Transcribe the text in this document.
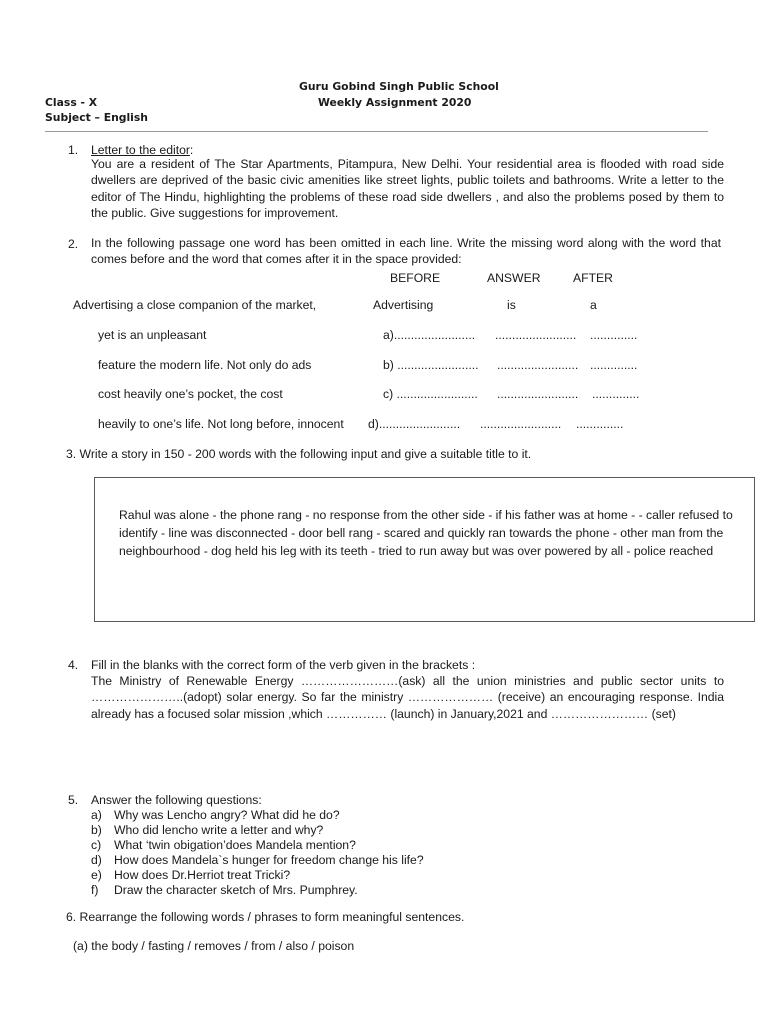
Guru Gobind Singh Public School
Weekly Assignment 2020
Class - X
Subject – English
1. Letter to the editor:
You are a resident of The Star Apartments, Pitampura, New Delhi. Your residential area is flooded with road side dwellers are deprived of the basic civic amenities like street lights, public toilets and bathrooms. Write a letter to the editor of The Hindu, highlighting the problems of these road side dwellers , and also the problems posed by them to the public. Give suggestions for improvement.
2. In the following passage one word has been omitted in each line. Write the missing word along with the word that comes before and the word that comes after it in the space provided:
BEFORE	ANSWER	AFTER
Advertising a close companion of the market,	Advertising	is	a
yet is an unpleasant	a)........................ ........................ ..............
feature the modern life. Not only do ads	b) ........................ ........................ ..............
cost heavily one’s pocket, the cost	c) ........................ ........................ ..............
heavily to one’s life. Not long before, innocent d)........................ ........................ ..............
3. Write a story in 150 - 200 words with the following input and give a suitable title to it.
Rahul was alone - the phone rang - no response from the other side - if his father was at home - - caller refused to identify - line was disconnected - door bell rang - scared and quickly ran towards the phone - other man from the neighbourhood - dog held his leg with its teeth - tried to run away but was over powered by all - police reached
4. Fill in the blanks with the correct form of the verb given in the brackets :
The Ministry of Renewable Energy ……………………(ask) all the union ministries and public sector units to …………………..(adopt) solar energy. So far the ministry ………………… (receive) an encouraging response. India already has a focused solar mission ,which …………… (launch) in January,2021 and …………………… (set)
5. Answer the following questions:
a) Why was Lencho angry? What did he do?
b) Who did lencho write a letter and why?
c) What ‘twin obigation’does Mandela mention?
d) How does Mandela`s hunger for freedom change his life?
e) How does Dr.Herriot treat Tricki?
f) Draw the character sketch of Mrs. Pumphrey.
6. Rearrange the following words / phrases to form meaningful sentences.
(a) the body / fasting / removes / from / also / poison
